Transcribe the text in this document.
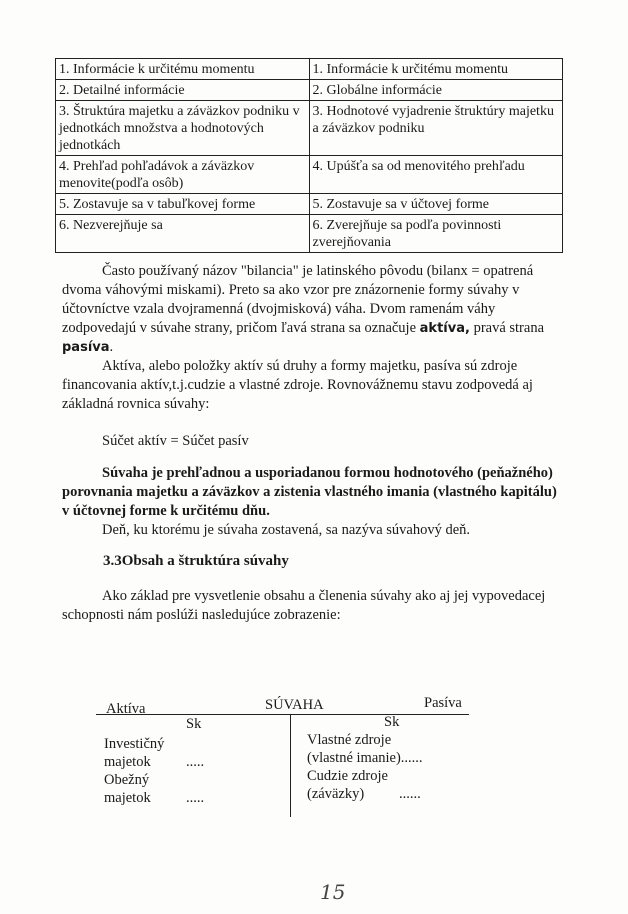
1. Informácie k určitému momentu	1. Informácie k určitému momentu
2. Detailné informácie	2. Globálne informácie
3. Štruktúra majetku a záväzkov podniku v jednotkách množstva a hodnotových jednotkách	3. Hodnotové vyjadrenie štruktúry majetku a záväzkov podniku
4. Prehľad pohľadávok a záväzkov menovite(podľa osôb)	4. Upúšťa sa od menovitého prehľadu
5. Zostavuje sa v tabuľkovej forme	5. Zostavuje sa v účtovej forme
6. Nezverejňuje sa	6. Zverejňuje sa podľa povinnosti zverejňovania

Často používaný názov "bilancia" je latinského pôvodu (bilanx = opatrená dvoma váhovými miskami). Preto sa ako vzor pre znázornenie formy súvahy v účtovníctve vzala dvojramenná (dvojmisková) váha. Dvom ramenám váhy zodpovedajú v súvahe strany, pričom ľavá strana sa označuje aktíva, pravá strana pasíva.

Aktíva, alebo položky aktív sú druhy a formy majetku, pasíva sú zdroje financovania aktív,t.j.cudzie a vlastné zdroje. Rovnovážnemu stavu zodpovedá aj základná rovnica súvahy:

Súčet aktív = Súčet pasív

Súvaha je prehľadnou a usporiadanou formou hodnotového (peňažného) porovnania majetku a záväzkov a zistenia vlastného imania (vlastného kapitálu) v účtovnej forme k určitému dňu.

Deň, ku ktorému je súvaha zostavená, sa nazýva súvahový deň.

3.3Obsah a štruktúra súvahy

Ako základ pre vysvetlenie obsahu a členenia súvahy ako aj jej vypovedacej schopnosti nám poslúži nasledujúce zobrazenie:

Aktíva	SÚVAHA	Pasíva
Sk	Sk
Investičný
majetok .....
Obežný
majetok .....
Vlastné zdroje
(vlastné imanie)......
Cudzie zdroje
(záväzky) ......
15
